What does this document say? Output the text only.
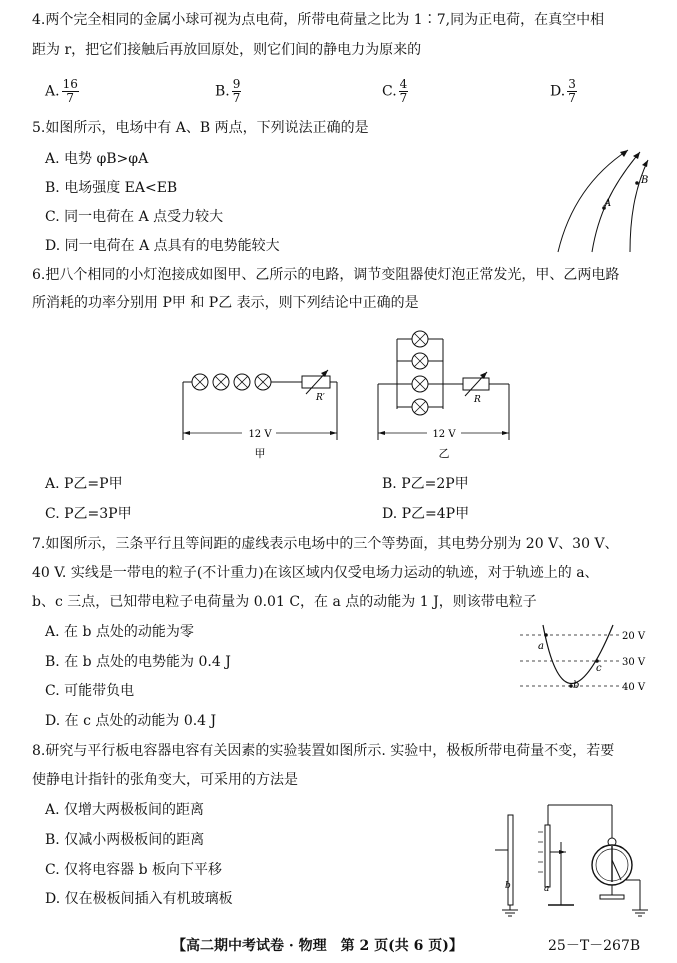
4.两个完全相同的金属小球可视为点电荷，所带电荷量之比为 1∶7,同为正电荷，在真空中相
距为 r，把它们接触后再放回原处，则它们间的静电力为原来的
A. $\frac{16}{7}$	B. $\frac{9}{7}$	C. $\frac{4}{7}$	D. $\frac{3}{7}$
5.如图所示，电场中有 A、B 两点，下列说法正确的是
A. 电势 φB>φA
B. 电场强度 EA<EB
C. 同一电荷在 A 点受力较大
D. 同一电荷在 A 点具有的电势能较大
A
B
6.把八个相同的小灯泡接成如图甲、乙所示的电路，调节变阻器使灯泡正常发光，甲、乙两电路
所消耗的功率分别用 P甲 和 P乙 表示，则下列结论中正确的是
R′
12 V
甲
R
12 V
乙
A. P乙=P甲	B. P乙=2P甲
C. P乙=3P甲	D. P乙=4P甲
7.如图所示，三条平行且等间距的虚线表示电场中的三个等势面，其电势分别为 20 V、30 V、
40 V. 实线是一带电的粒子(不计重力)在该区域内仅受电场力运动的轨迹，对于轨迹上的 a、
b、c 三点，已知带电粒子电荷量为 0.01 C，在 a 点的动能为 1 J，则该带电粒子
A. 在 b 点处的动能为零
B. 在 b 点处的电势能为 0.4 J
C. 可能带负电
D. 在 c 点处的动能为 0.4 J
a
b
c
20 V
30 V
40 V
8.研究与平行板电容器电容有关因素的实验装置如图所示. 实验中，极板所带电荷量不变，若要
使静电计指针的张角变大，可采用的方法是
A. 仅增大两极板间的距离
B. 仅减小两极板间的距离
C. 仅将电容器 b 板向下平移
D. 仅在极板间插入有机玻璃板
b	a
【高二期中考试卷 · 物理　第 2 页(共 6 页)】	25－T－267B
